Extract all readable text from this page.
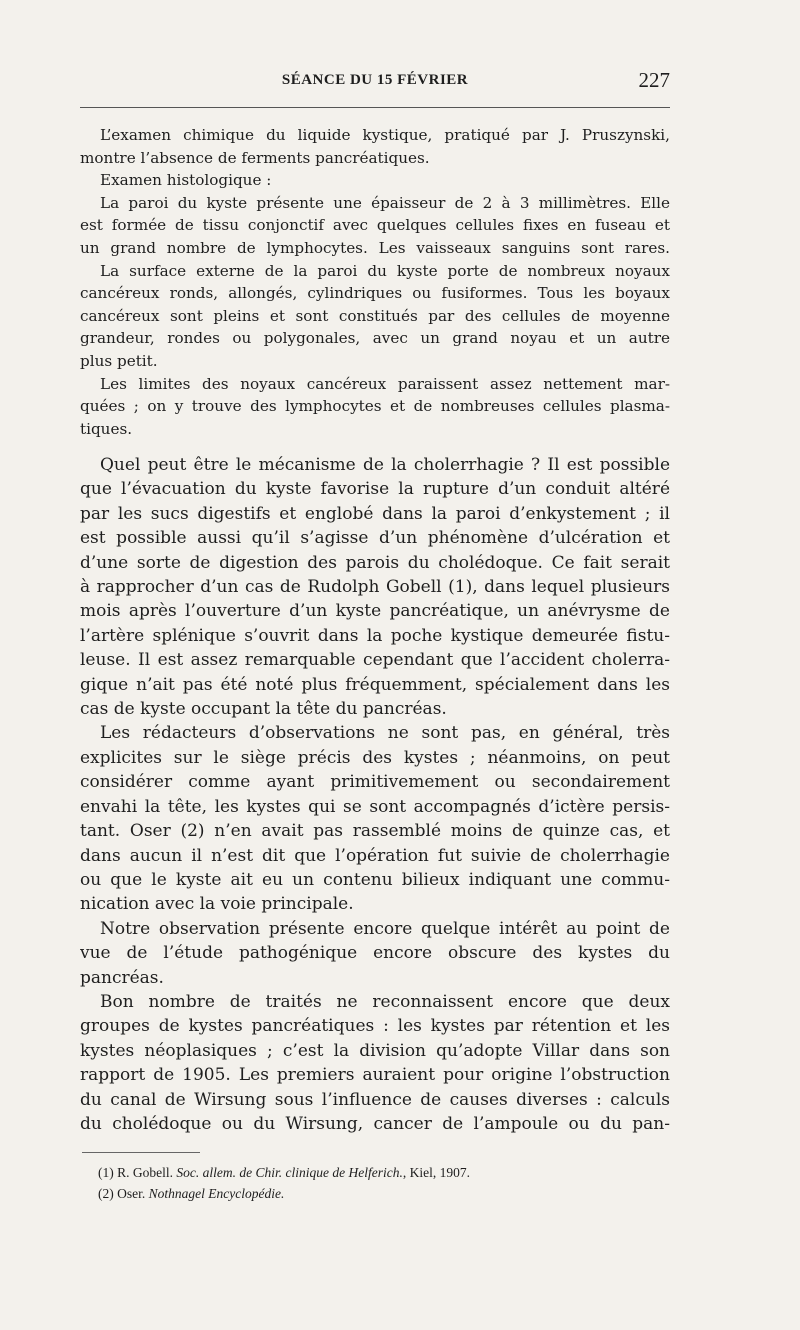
SÉANCE DU 15 FÉVRIER	227
L’examen chimique du liquide kystique, pratiqué par J. Pruszynski,
montre l’absence de ferments pancréatiques.
Examen histologique :
La paroi du kyste présente une épaisseur de 2 à 3 millimètres. Elle
est formée de tissu conjonctif avec quelques cellules fixes en fuseau et
un grand nombre de lymphocytes. Les vaisseaux sanguins sont rares.
La surface externe de la paroi du kyste porte de nombreux noyaux
cancéreux ronds, allongés, cylindriques ou fusiformes. Tous les boyaux
cancéreux sont pleins et sont constitués par des cellules de moyenne
grandeur, rondes ou polygonales, avec un grand noyau et un autre
plus petit.
Les limites des noyaux cancéreux paraissent assez nettement mar-
quées ; on y trouve des lymphocytes et de nombreuses cellules plasma-
tiques.
Quel peut être le mécanisme de la cholerrhagie ? Il est possible
que l’évacuation du kyste favorise la rupture d’un conduit altéré
par les sucs digestifs et englobé dans la paroi d’enkystement ; il
est possible aussi qu’il s’agisse d’un phénomène d’ulcération et
d’une sorte de digestion des parois du cholédoque. Ce fait serait
à rapprocher d’un cas de Rudolph Gobell (1), dans lequel plusieurs
mois après l’ouverture d’un kyste pancréatique, un anévrysme de
l’artère splénique s’ouvrit dans la poche kystique demeurée fistu-
leuse. Il est assez remarquable cependant que l’accident cholerra-
gique n’ait pas été noté plus fréquemment, spécialement dans les
cas de kyste occupant la tête du pancréas.
Les rédacteurs d’observations ne sont pas, en général, très
explicites sur le siège précis des kystes ; néanmoins, on peut
considérer comme ayant primitivemement ou secondairement
envahi la tête, les kystes qui se sont accompagnés d’ictère persis-
tant. Oser (2) n’en avait pas rassemblé moins de quinze cas, et
dans aucun il n’est dit que l’opération fut suivie de cholerrhagie
ou que le kyste ait eu un contenu bilieux indiquant une commu-
nication avec la voie principale.
Notre observation présente encore quelque intérêt au point de
vue de l’étude pathogénique encore obscure des kystes du
pancréas.
Bon nombre de traités ne reconnaissent encore que deux
groupes de kystes pancréatiques : les kystes par rétention et les
kystes néoplasiques ; c’est la division qu’adopte Villar dans son
rapport de 1905. Les premiers auraient pour origine l’obstruction
du canal de Wirsung sous l’influence de causes diverses : calculs
du cholédoque ou du Wirsung, cancer de l’ampoule ou du pan-
(1) R. Gobell. Soc. allem. de Chir. clinique de Helferich., Kiel, 1907.
(2) Oser. Nothnagel Encyclopédie.
